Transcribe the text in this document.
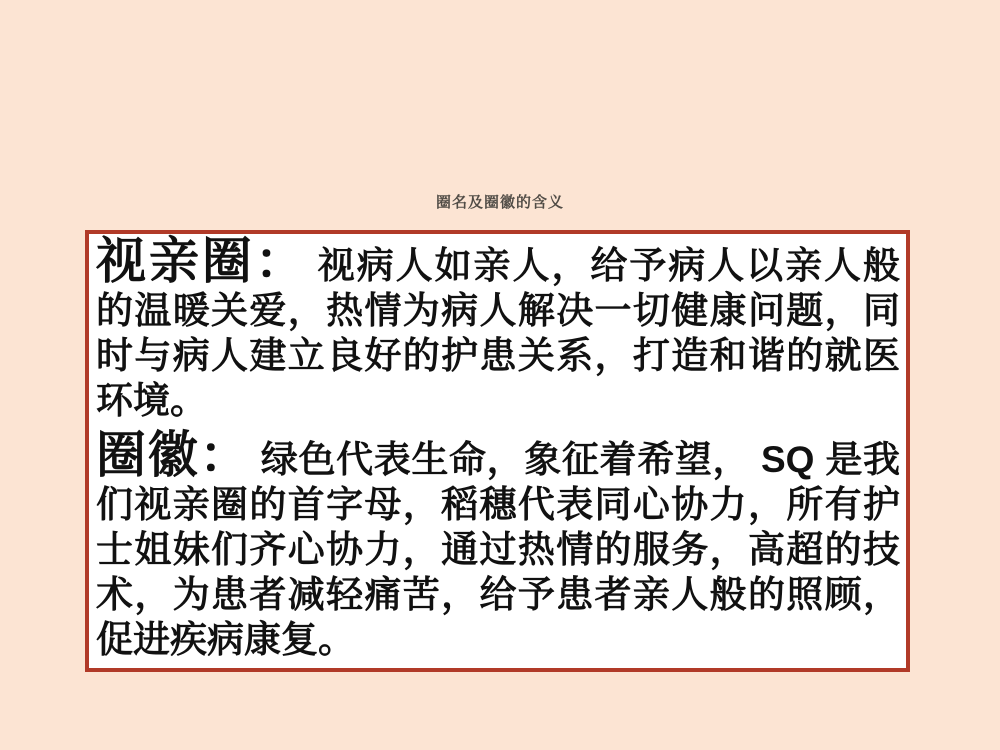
圈名及圈徽的含义

视亲圈： 视病人如亲人，给予病人以亲人般的温暖关爱，热情为病人解决一切健康问题，同时与病人建立良好的护患关系，打造和谐的就医环境。

圈徽： 绿色代表生命，象征着希望， SQ 是我们视亲圈的首字母，稻穗代表同心协力，所有护士姐妹们齐心协力，通过热情的服务，高超的技术，为患者减轻痛苦，给予患者亲人般的照顾，促进疾病康复。
